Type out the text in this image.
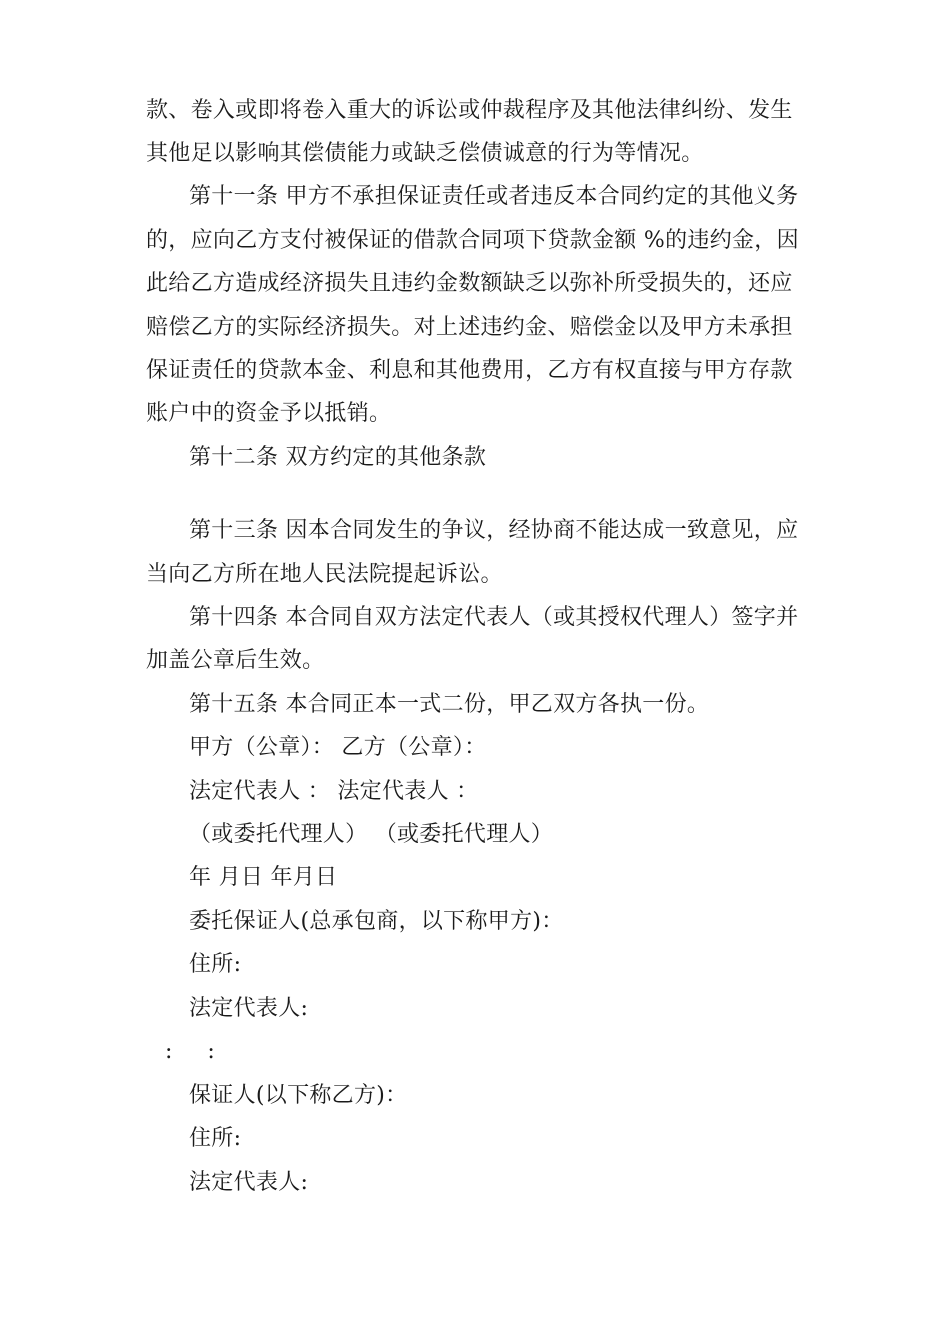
款、卷入或即将卷入重大的诉讼或仲裁程序及其他法律纠纷、发生
其他足以影响其偿债能力或缺乏偿债诚意的行为等情况。
第十一条 甲方不承担保证责任或者违反本合同约定的其他义务
的，应向乙方支付被保证的借款合同项下贷款金额 %的违约金，因
此给乙方造成经济损失且违约金数额缺乏以弥补所受损失的，还应
赔偿乙方的实际经济损失。对上述违约金、赔偿金以及甲方未承担
保证责任的贷款本金、利息和其他费用，乙方有权直接与甲方存款
账户中的资金予以抵销。
第十二条 双方约定的其他条款
第十三条 因本合同发生的争议，经协商不能达成一致意见，应
当向乙方所在地人民法院提起诉讼。
第十四条 本合同自双方法定代表人（或其授权代理人）签字并
加盖公章后生效。
第十五条 本合同正本一式二份，甲乙双方各执一份。
甲方（公章）： 乙方（公章）：
法定代表人 ： 法定代表人 ：
（或委托代理人） （或委托代理人）
年 月日 年月日
委托保证人(总承包商，以下称甲方)：
住所:
法定代表人:
:     :
保证人(以下称乙方)：
住所:
法定代表人:
